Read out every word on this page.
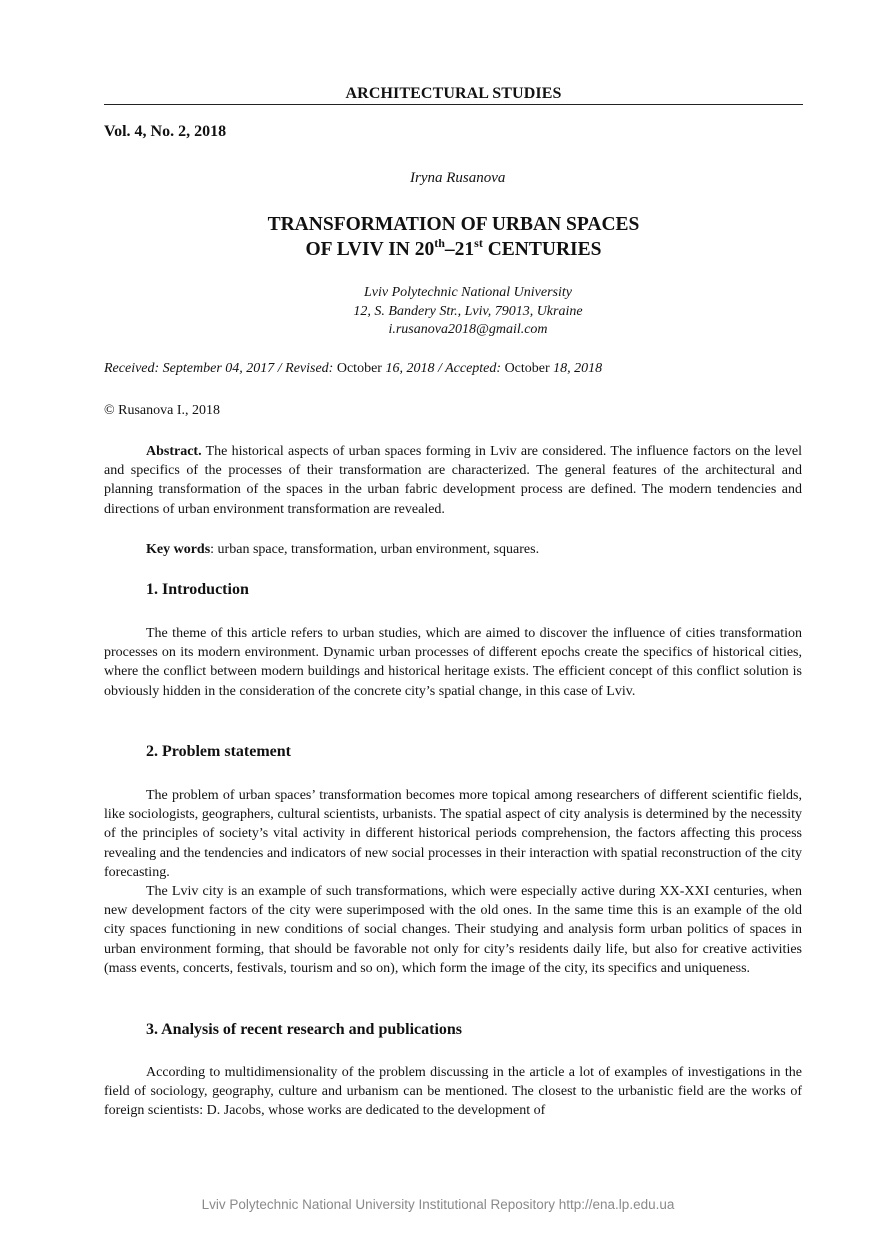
ARCHITECTURAL STUDIES
Vol. 4, No. 2, 2018
Iryna Rusanova
TRANSFORMATION OF URBAN SPACES
OF LVIV IN 20th–21st CENTURIES
Lviv Polytechnic National University
12, S. Bandery Str., Lviv, 79013, Ukraine
i.rusanova2018@gmail.com
Received: September 04, 2017 / Revised: October 16, 2018 / Accepted: October 18, 2018
© Rusanova I., 2018

Abstract. The historical aspects of urban spaces forming in Lviv are considered. The influence factors on the level and specifics of the processes of their transformation are characterized. The general features of the architectural and planning transformation of the spaces in the urban fabric development process are defined. The modern tendencies and directions of urban environment transformation are revealed.

Key words: urban space, transformation, urban environment, squares.

1. Introduction

The theme of this article refers to urban studies, which are aimed to discover the influence of cities transformation processes on its modern environment. Dynamic urban processes of different epochs create the specifics of historical cities, where the conflict between modern buildings and historical heritage exists. The efficient concept of this conflict solution is obviously hidden in the consideration of the concrete city’s spatial change, in this case of Lviv.

2. Problem statement

The problem of urban spaces’ transformation becomes more topical among researchers of different scientific fields, like sociologists, geographers, cultural scientists, urbanists. The spatial aspect of city analysis is determined by the necessity of the principles of society’s vital activity in different historical periods comprehension, the factors affecting this process revealing and the tendencies and indicators of new social processes in their interaction with spatial reconstruction of the city forecasting.

The Lviv city is an example of such transformations, which were especially active during XX-XXI centuries, when new development factors of the city were superimposed with the old ones. In the same time this is an example of the old city spaces functioning in new conditions of social changes. Their studying and analysis form urban politics of spaces in urban environment forming, that should be favorable not only for city’s residents daily life, but also for creative activities (mass events, concerts, festivals, tourism and so on), which form the image of the city, its specifics and uniqueness.

3. Analysis of recent research and publications

According to multidimensionality of the problem discussing in the article a lot of examples of investigations in the field of sociology, geography, culture and urbanism can be mentioned. The closest to the urbanistic field are the works of foreign scientists: D. Jacobs, whose works are dedicated to the development of

Lviv Polytechnic National University Institutional Repository http://ena.lp.edu.ua
